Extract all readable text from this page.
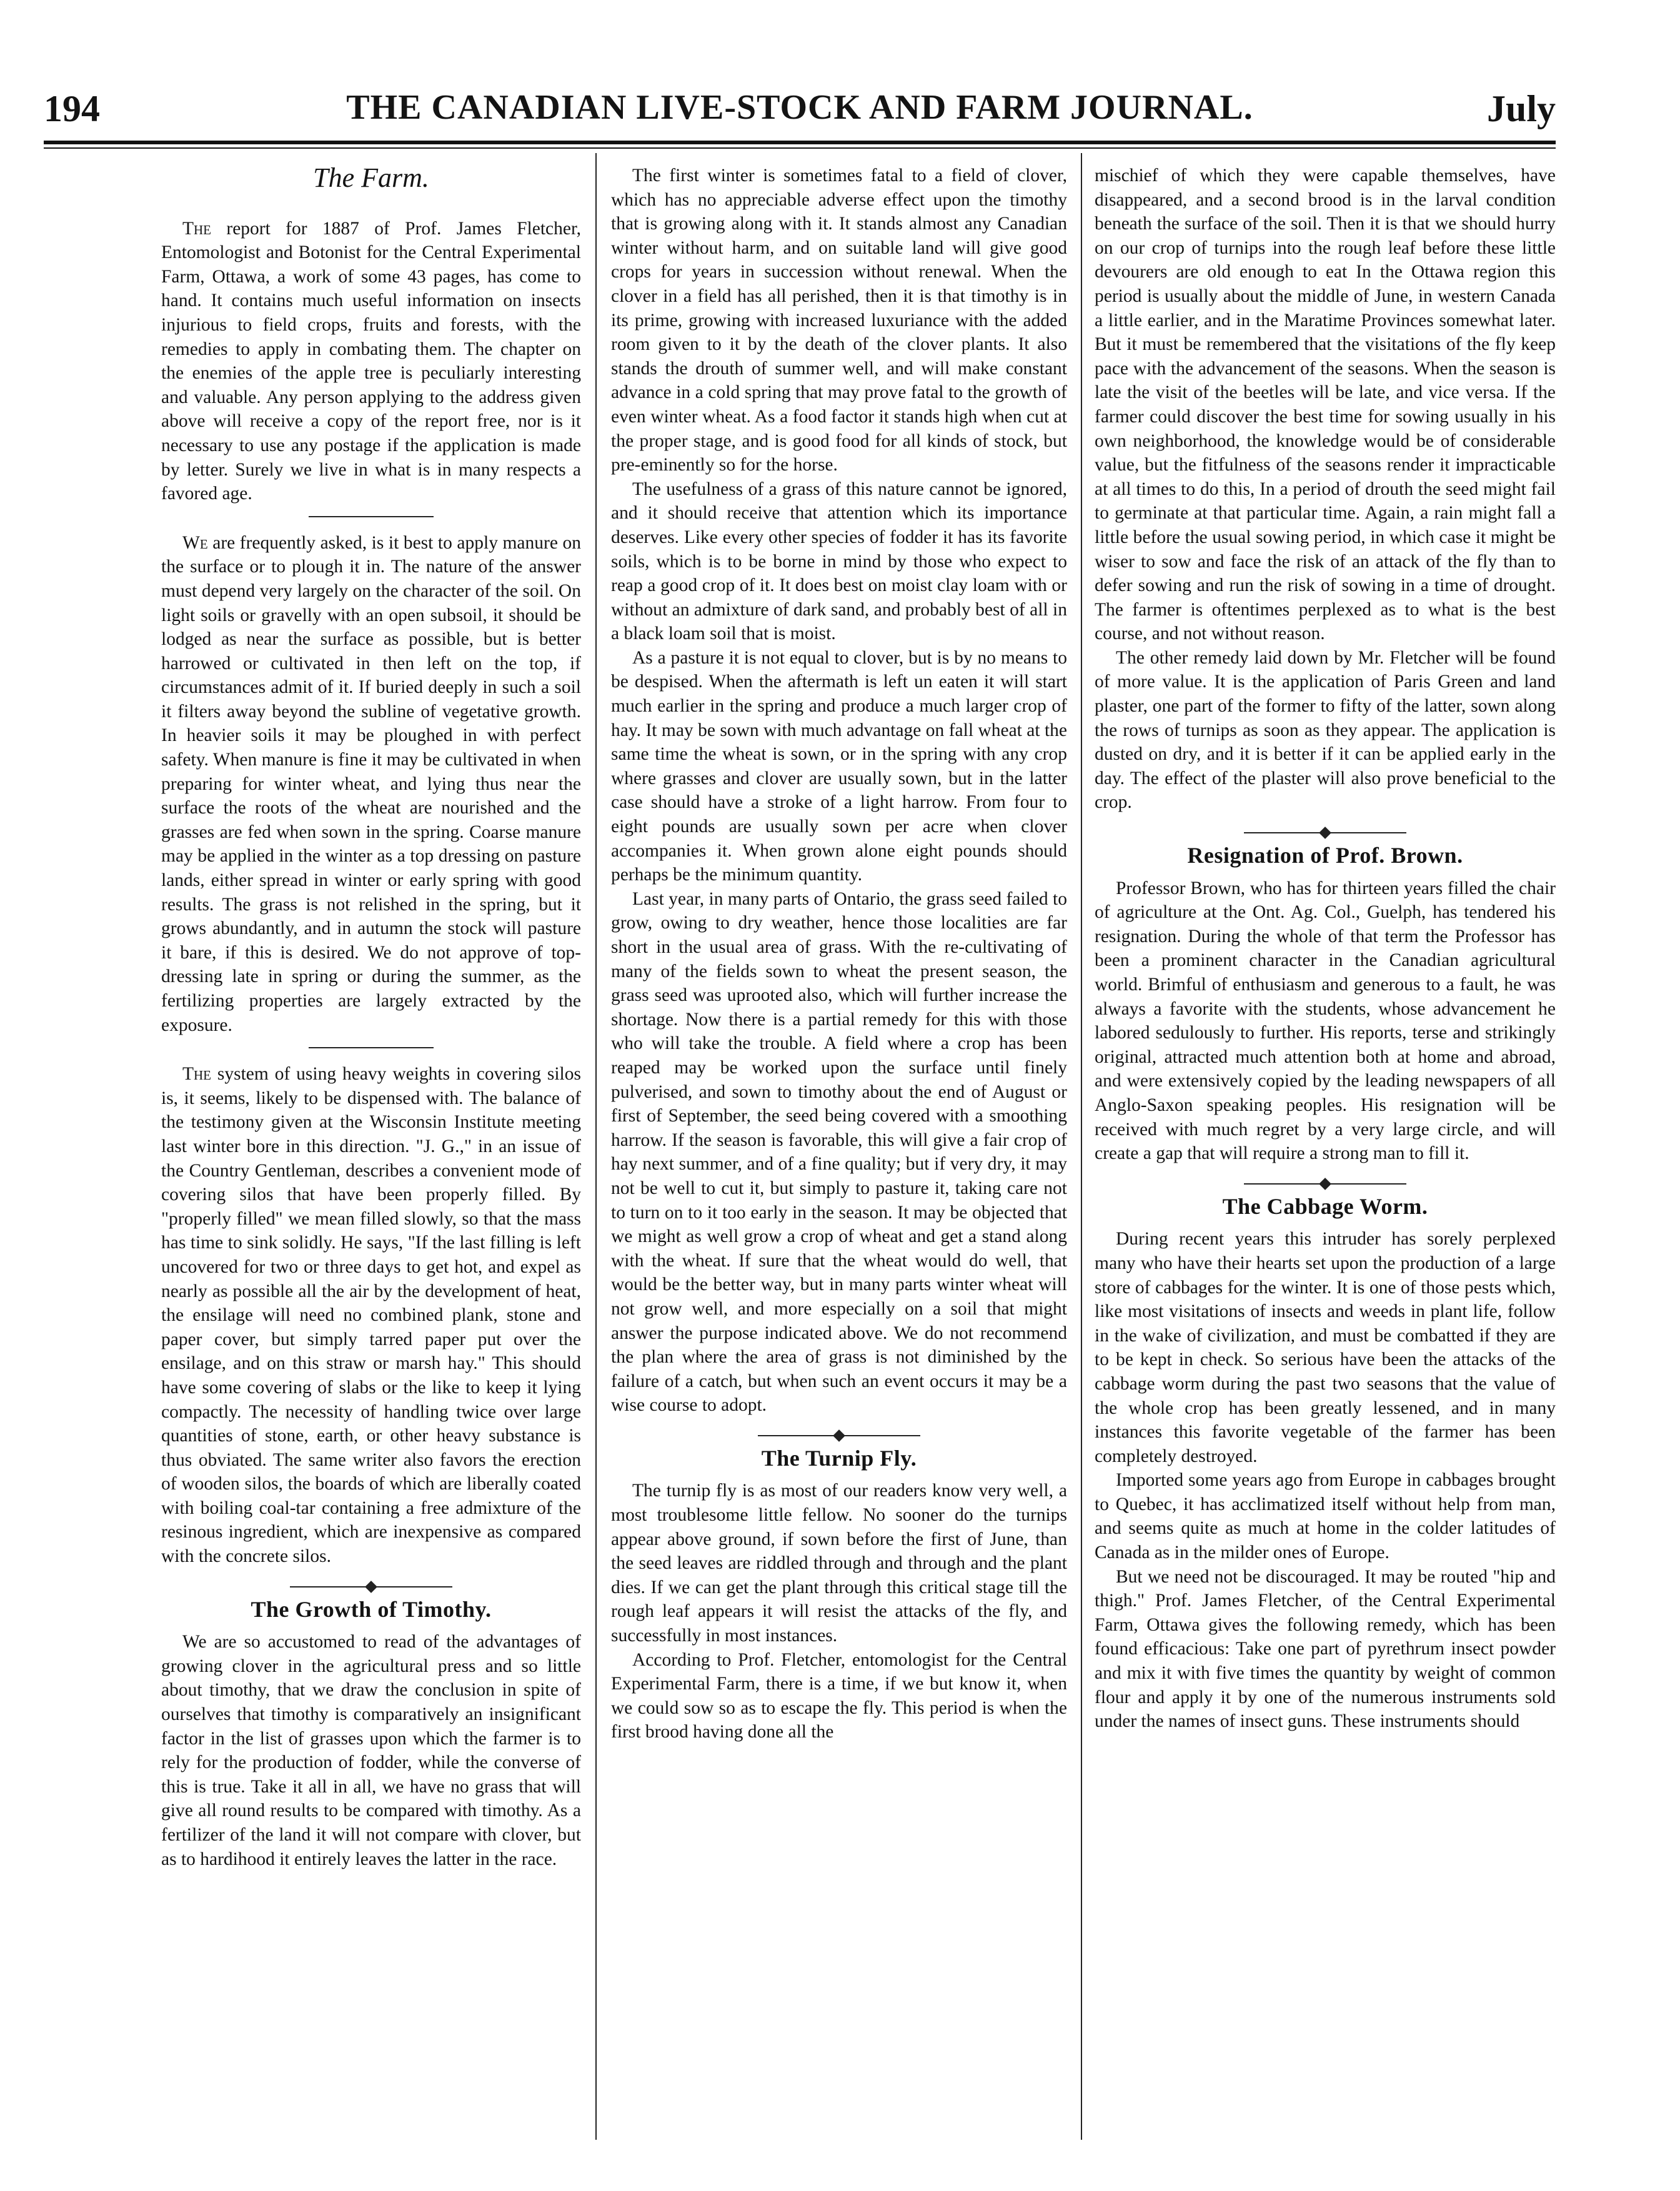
194	THE CANADIAN LIVE-STOCK AND FARM JOURNAL.	July
The Farm.

The report for 1887 of Prof. James Fletcher, Entomologist and Botonist for the Central Experimental Farm, Ottawa, a work of some 43 pages, has come to hand. It contains much useful information on insects injurious to field crops, fruits and forests, with the remedies to apply in combating them. The chapter on the enemies of the apple tree is peculiarly interesting and valuable. Any person applying to the address given above will receive a copy of the report free, nor is it necessary to use any postage if the application is made by letter. Surely we live in what is in many respects a favored age.

We are frequently asked, is it best to apply manure on the surface or to plough it in. The nature of the answer must depend very largely on the character of the soil. On light soils or gravelly with an open subsoil, it should be lodged as near the surface as possible, but is better harrowed or cultivated in then left on the top, if circumstances admit of it. If buried deeply in such a soil it filters away beyond the subline of vegetative growth. In heavier soils it may be ploughed in with perfect safety. When manure is fine it may be cultivated in when preparing for winter wheat, and lying thus near the surface the roots of the wheat are nourished and the grasses are fed when sown in the spring. Coarse manure may be applied in the winter as a top dressing on pasture lands, either spread in winter or early spring with good results. The grass is not relished in the spring, but it grows abundantly, and in autumn the stock will pasture it bare, if this is desired. We do not approve of top-dressing late in spring or during the summer, as the fertilizing properties are largely extracted by the exposure.

The system of using heavy weights in covering silos is, it seems, likely to be dispensed with. The balance of the testimony given at the Wisconsin Institute meeting last winter bore in this direction. "J. G.," in an issue of the Country Gentleman, describes a convenient mode of covering silos that have been properly filled. By "properly filled" we mean filled slowly, so that the mass has time to sink solidly. He says, "If the last filling is left uncovered for two or three days to get hot, and expel as nearly as possible all the air by the development of heat, the ensilage will need no combined plank, stone and paper cover, but simply tarred paper put over the ensilage, and on this straw or marsh hay." This should have some covering of slabs or the like to keep it lying compactly. The necessity of handling twice over large quantities of stone, earth, or other heavy substance is thus obviated. The same writer also favors the erection of wooden silos, the boards of which are liberally coated with boiling coal-tar containing a free admixture of the resinous ingredient, which are inexpensive as compared with the concrete silos.

The Growth of Timothy.

We are so accustomed to read of the advantages of growing clover in the agricultural press and so little about timothy, that we draw the conclusion in spite of ourselves that timothy is comparatively an insignificant factor in the list of grasses upon which the farmer is to rely for the production of fodder, while the converse of this is true. Take it all in all, we have no grass that will give all round results to be compared with timothy. As a fertilizer of the land it will not compare with clover, but as to hardihood it entirely leaves the latter in the race.

The first winter is sometimes fatal to a field of clover, which has no appreciable adverse effect upon the timothy that is growing along with it. It stands almost any Canadian winter without harm, and on suitable land will give good crops for years in succession without renewal. When the clover in a field has all perished, then it is that timothy is in its prime, growing with increased luxuriance with the added room given to it by the death of the clover plants. It also stands the drouth of summer well, and will make constant advance in a cold spring that may prove fatal to the growth of even winter wheat. As a food factor it stands high when cut at the proper stage, and is good food for all kinds of stock, but pre-eminently so for the horse.

The usefulness of a grass of this nature cannot be ignored, and it should receive that attention which its importance deserves. Like every other species of fodder it has its favorite soils, which is to be borne in mind by those who expect to reap a good crop of it. It does best on moist clay loam with or without an admixture of dark sand, and probably best of all in a black loam soil that is moist.

As a pasture it is not equal to clover, but is by no means to be despised. When the aftermath is left un eaten it will start much earlier in the spring and produce a much larger crop of hay. It may be sown with much advantage on fall wheat at the same time the wheat is sown, or in the spring with any crop where grasses and clover are usually sown, but in the latter case should have a stroke of a light harrow. From four to eight pounds are usually sown per acre when clover accompanies it. When grown alone eight pounds should perhaps be the minimum quantity.

Last year, in many parts of Ontario, the grass seed failed to grow, owing to dry weather, hence those localities are far short in the usual area of grass. With the re-cultivating of many of the fields sown to wheat the present season, the grass seed was uprooted also, which will further increase the shortage. Now there is a partial remedy for this with those who will take the trouble. A field where a crop has been reaped may be worked upon the surface until finely pulverised, and sown to timothy about the end of August or first of September, the seed being covered with a smoothing harrow. If the season is favorable, this will give a fair crop of hay next summer, and of a fine quality; but if very dry, it may not be well to cut it, but simply to pasture it, taking care not to turn on to it too early in the season. It may be objected that we might as well grow a crop of wheat and get a stand along with the wheat. If sure that the wheat would do well, that would be the better way, but in many parts winter wheat will not grow well, and more especially on a soil that might answer the purpose indicated above. We do not recommend the plan where the area of grass is not diminished by the failure of a catch, but when such an event occurs it may be a wise course to adopt.

The Turnip Fly.

The turnip fly is as most of our readers know very well, a most troublesome little fellow. No sooner do the turnips appear above ground, if sown before the first of June, than the seed leaves are riddled through and through and the plant dies. If we can get the plant through this critical stage till the rough leaf appears it will resist the attacks of the fly, and successfully in most instances.

According to Prof. Fletcher, entomologist for the Central Experimental Farm, there is a time, if we but know it, when we could sow so as to escape the fly. This period is when the first brood having done all the

mischief of which they were capable themselves, have disappeared, and a second brood is in the larval condition beneath the surface of the soil. Then it is that we should hurry on our crop of turnips into the rough leaf before these little devourers are old enough to eat In the Ottawa region this period is usually about the middle of June, in western Canada a little earlier, and in the Maratime Provinces somewhat later. But it must be remembered that the visitations of the fly keep pace with the advancement of the seasons. When the season is late the visit of the beetles will be late, and vice versa. If the farmer could discover the best time for sowing usually in his own neighborhood, the knowledge would be of considerable value, but the fitfulness of the seasons render it impracticable at all times to do this, In a period of drouth the seed might fail to germinate at that particular time. Again, a rain might fall a little before the usual sowing period, in which case it might be wiser to sow and face the risk of an attack of the fly than to defer sowing and run the risk of sowing in a time of drought. The farmer is oftentimes perplexed as to what is the best course, and not without reason.

The other remedy laid down by Mr. Fletcher will be found of more value. It is the application of Paris Green and land plaster, one part of the former to fifty of the latter, sown along the rows of turnips as soon as they appear. The application is dusted on dry, and it is better if it can be applied early in the day. The effect of the plaster will also prove beneficial to the crop.

Resignation of Prof. Brown.

Professor Brown, who has for thirteen years filled the chair of agriculture at the Ont. Ag. Col., Guelph, has tendered his resignation. During the whole of that term the Professor has been a prominent character in the Canadian agricultural world. Brimful of enthusiasm and generous to a fault, he was always a favorite with the students, whose advancement he labored sedulously to further. His reports, terse and strikingly original, attracted much attention both at home and abroad, and were extensively copied by the leading newspapers of all Anglo-Saxon speaking peoples. His resignation will be received with much regret by a very large circle, and will create a gap that will require a strong man to fill it.

The Cabbage Worm.

During recent years this intruder has sorely perplexed many who have their hearts set upon the production of a large store of cabbages for the winter. It is one of those pests which, like most visitations of insects and weeds in plant life, follow in the wake of civilization, and must be combatted if they are to be kept in check. So serious have been the attacks of the cabbage worm during the past two seasons that the value of the whole crop has been greatly lessened, and in many instances this favorite vegetable of the farmer has been completely destroyed.

Imported some years ago from Europe in cabbages brought to Quebec, it has acclimatized itself without help from man, and seems quite as much at home in the colder latitudes of Canada as in the milder ones of Europe.

But we need not be discouraged. It may be routed "hip and thigh." Prof. James Fletcher, of the Central Experimental Farm, Ottawa gives the following remedy, which has been found efficacious: Take one part of pyrethrum insect powder and mix it with five times the quantity by weight of common flour and apply it by one of the numerous instruments sold under the names of insect guns. These instruments should
